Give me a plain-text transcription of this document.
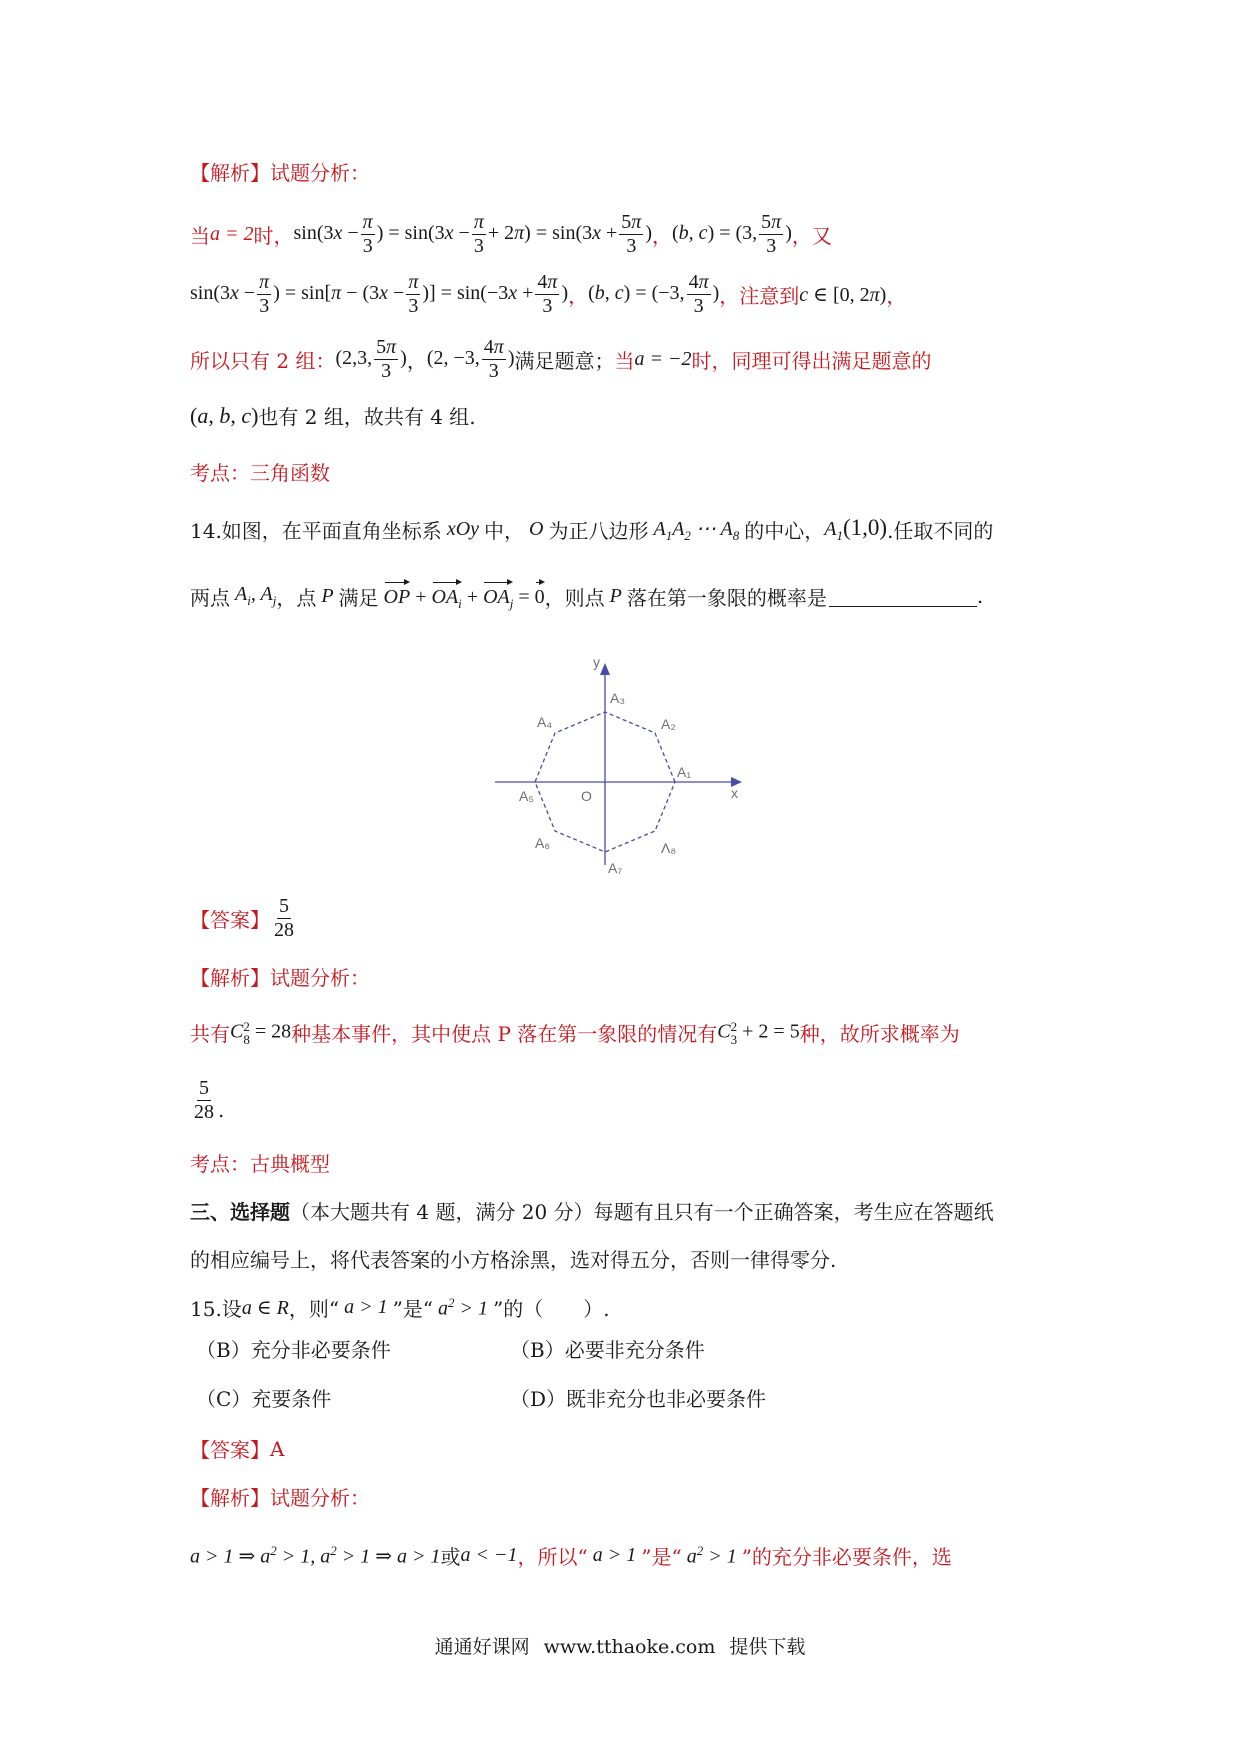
【解析】 试题分析：
当 a = 2 时， $\sin(3x - \frac{\pi}{3}$ ) = $\sin(3x - \frac{\pi}{3} + 2\pi) = \sin(3x + \frac{5\pi}{3}$ ) ， (b, c) = (3, $\frac{5\pi}{3}$ ) ，又
$\sin(3x - \frac{\pi}{3}$ ) = $\sin[\pi - (3x - \frac{\pi}{3}$ )] = $\sin(-3x + \frac{4\pi}{3}$ ) ， (b, c) = (−3, $\frac{4\pi}{3}$ ) ，注意到 c ∈ [0, 2π) ，
所以只有 2 组： (2,3, $\frac{5\pi}{3}$ ) ， (2, −3, $\frac{4\pi}{3}$ ) 满足题意； 当 a = −2 时，同理可得出满足题意的
(a, b, c) 也有 2 组，故共有 4 组.
考点：三角函数
14.如图，在平面直角坐标系 xOy 中， O 为正八边形 $A_1A_2$ ⋯ $A_8$ 的中心， $A_1(1,0)$ .任取不同的
两点 $A_i$, $A_j$ ，点 P 满足 OP + $OA_i + OA_j = 0$ ，则点 P 落在第一象限的概率是	.
y
x
O
A₁
A₂
A₃
A₄
A₅
A₆
A₇
Λ₈
【答案】 $\frac{5}{28}$
【解析】 试题分析：
共有 C 2
8 = 28 种基本事件，其中使点 P 落在第一象限的情况有 C 2
3 + 2 = 5 种，故所求概率为
$\frac{5}{28}$ .
考点：古典概型
三、选择题 （本大题共有 4 题，满分 20 分）每题有且只有一个正确答案，考生应在答题纸
的相应编号上，将代表答案的小方格涂黑，选对得五分，否则一律得零分.
15.设 a ∈ R ，则“ a > 1 ”是“ $a^2 > 1$ ”的（　　）.
（B）充分非必要条件	（B）必要非充分条件
（C）充要条件	（D）既非充分也非必要条件
【答案】 A
【解析】 试题分析：
a > 1 ⇒ $a^2 > 1$, $a^2 > 1$ ⇒ a > 1 或 a < −1 ，所以“ a > 1 ”是“ $a^2 > 1$ ”的充分非必要条件，选
通通好课网 www.tthaoke.com 提供下载
